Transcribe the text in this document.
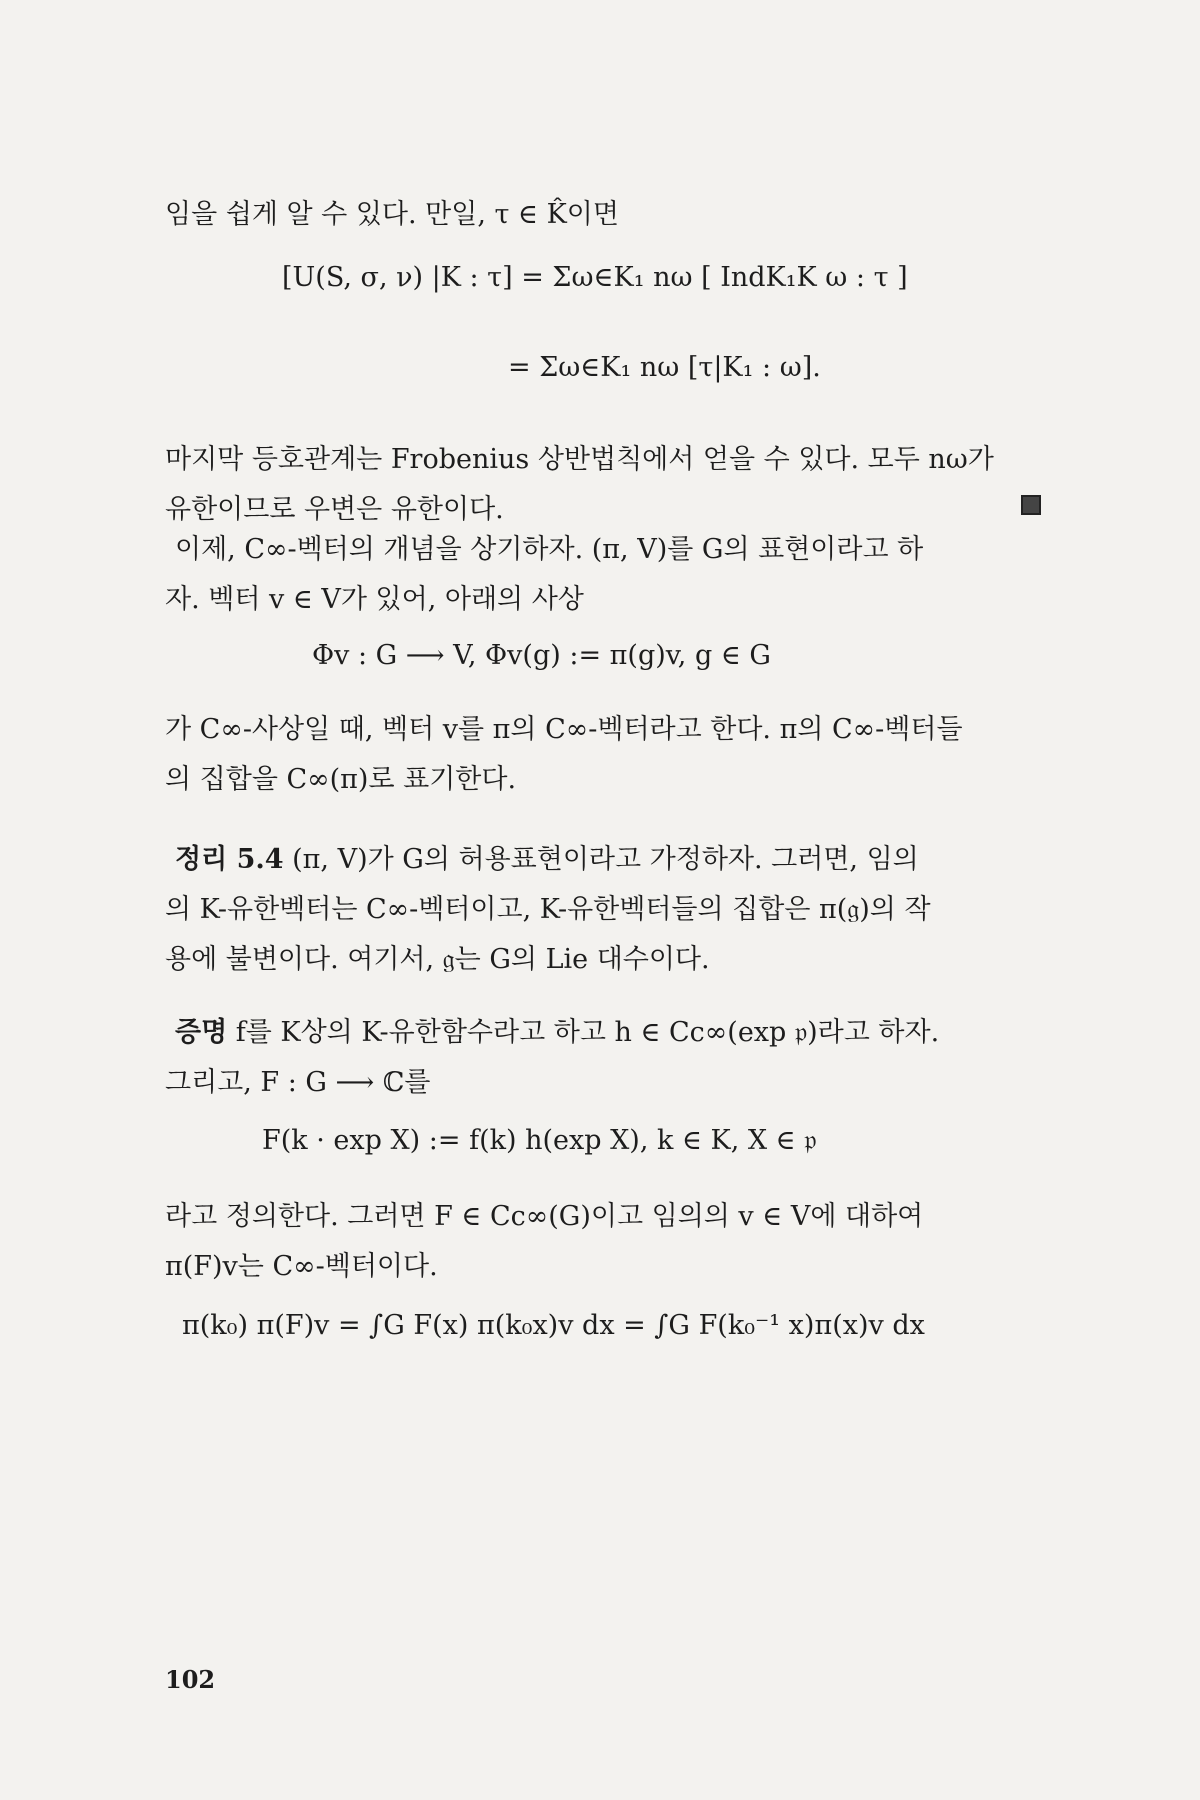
임을 쉽게 알 수 있다. 만일, τ ∈ K̂이면

[U(S, σ, ν) |K : τ] = Σω∈K₁ nω [ IndK₁K ω : τ ]
= Σω∈K₁ nω [τ|K₁ : ω].

마지막 등호관계는 Frobenius 상반법칙에서 얻을 수 있다. 모두 nω가
유한이므로 우변은 유한이다.

이제, C∞-벡터의 개념을 상기하자. (π, V)를 G의 표현이라고 하
자. 벡터 v ∈ V가 있어, 아래의 사상

Φv : G ⟶ V, Φv(g) := π(g)v, g ∈ G

가 C∞-사상일 때, 벡터 v를 π의 C∞-벡터라고 한다. π의 C∞-벡터들
의 집합을 C∞(π)로 표기한다.

정리 5.4 (π, V)가 G의 허용표현이라고 가정하자. 그러면, 임의
의 K-유한벡터는 C∞-벡터이고, K-유한벡터들의 집합은 π(𝔤)의 작
용에 불변이다. 여기서, 𝔤는 G의 Lie 대수이다.

증명 f를 K상의 K-유한함수라고 하고 h ∈ Cc∞(exp 𝔭)라고 하자.
그리고, F : G ⟶ ℂ를

F(k · exp X) := f(k) h(exp X), k ∈ K, X ∈ 𝔭

라고 정의한다. 그러면 F ∈ Cc∞(G)이고 임의의 v ∈ V에 대하여
π(F)v는 C∞-벡터이다.

π(k₀) π(F)v = ∫G F(x) π(k₀x)v dx = ∫G F(k₀⁻¹ x)π(x)v dx
102
